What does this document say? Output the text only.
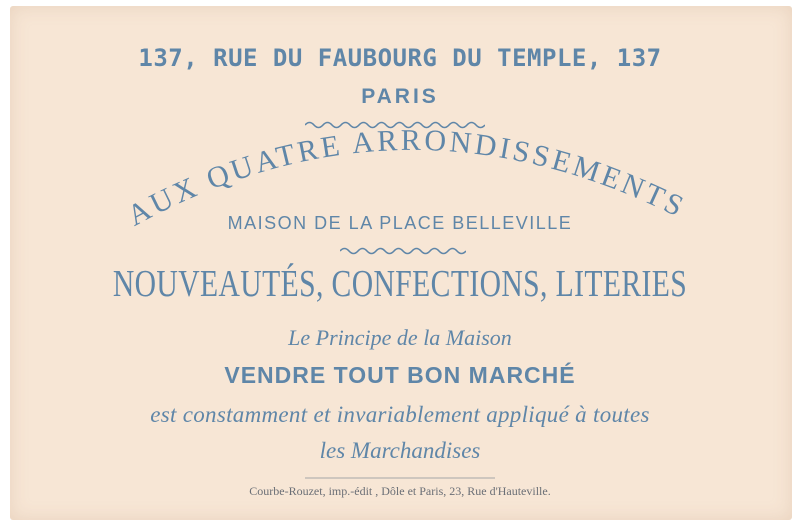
137, RUE DU FAUBOURG DU TEMPLE, 137
PARIS
AUX QUATRE ARRONDISSEMENTS
MAISON DE LA PLACE BELLEVILLE
NOUVEAUTÉS, CONFECTIONS, LITERIES
Le Principe de la Maison
VENDRE TOUT BON MARCHÉ
est constamment et invariablement appliqué à toutes
les Marchandises
Courbe-Rouzet, imp.-édit , Dôle et Paris, 23, Rue d'Hauteville.
